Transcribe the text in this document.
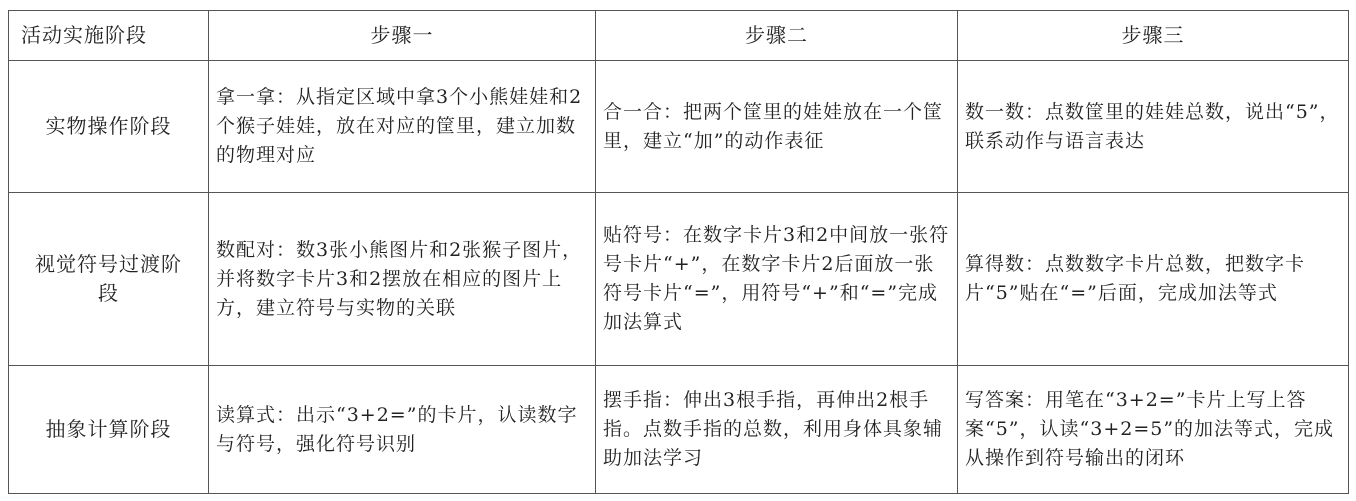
活动实施阶段	步骤一	步骤二	步骤三
实物操作阶段	拿一拿：从指定区域中拿3个小熊娃娃和2个猴子娃娃，放在对应的筐里，建立加数的物理对应	合一合：把两个筐里的娃娃放在一个筐里，建立“加”的动作表征	数一数：点数筐里的娃娃总数，说出“5”，联系动作与语言表达
视觉符号过渡阶段	数配对：数3张小熊图片和2张猴子图片，并将数字卡片3和2摆放在相应的图片上方，建立符号与实物的关联	贴符号：在数字卡片3和2中间放一张符号卡片“+”，在数字卡片2后面放一张符号卡片“=”，用符号“+”和“=”完成加法算式	算得数：点数数字卡片总数，把数字卡片“5”贴在“=”后面，完成加法等式
抽象计算阶段	读算式：出示“3+2=”的卡片，认读数字与符号，强化符号识别	摆手指：伸出3根手指，再伸出2根手指。点数手指的总数，利用身体具象辅助加法学习	写答案：用笔在“3+2=”卡片上写上答案“5”，认读“3+2=5”的加法等式，完成从操作到符号输出的闭环
